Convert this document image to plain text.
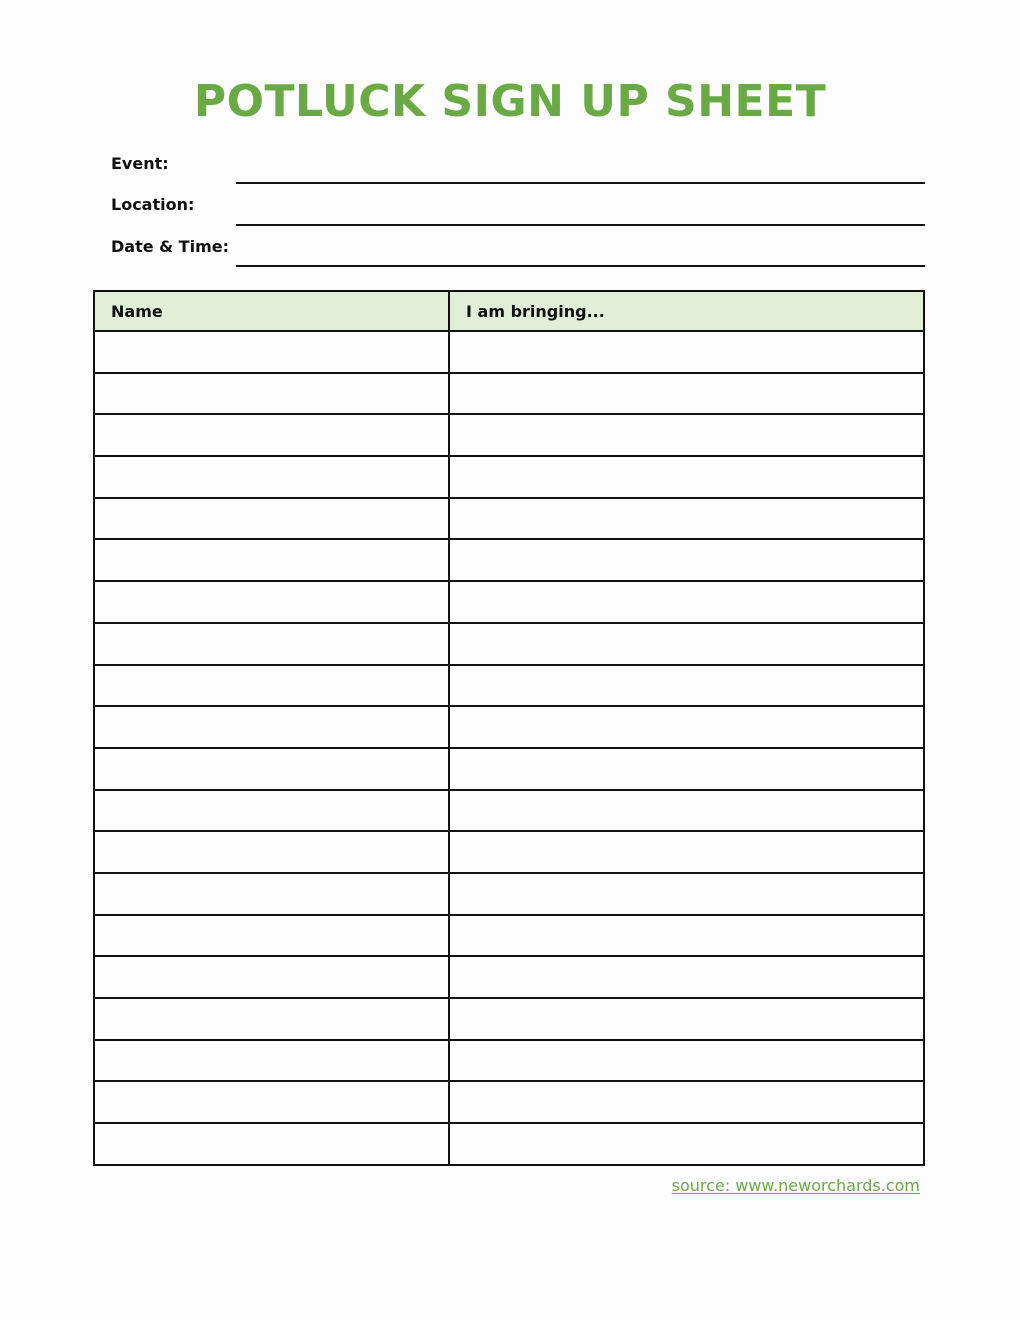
POTLUCK SIGN UP SHEET
Event:
Location:
Date & Time:
Name	I am bringing...

source: www.neworchards.com
